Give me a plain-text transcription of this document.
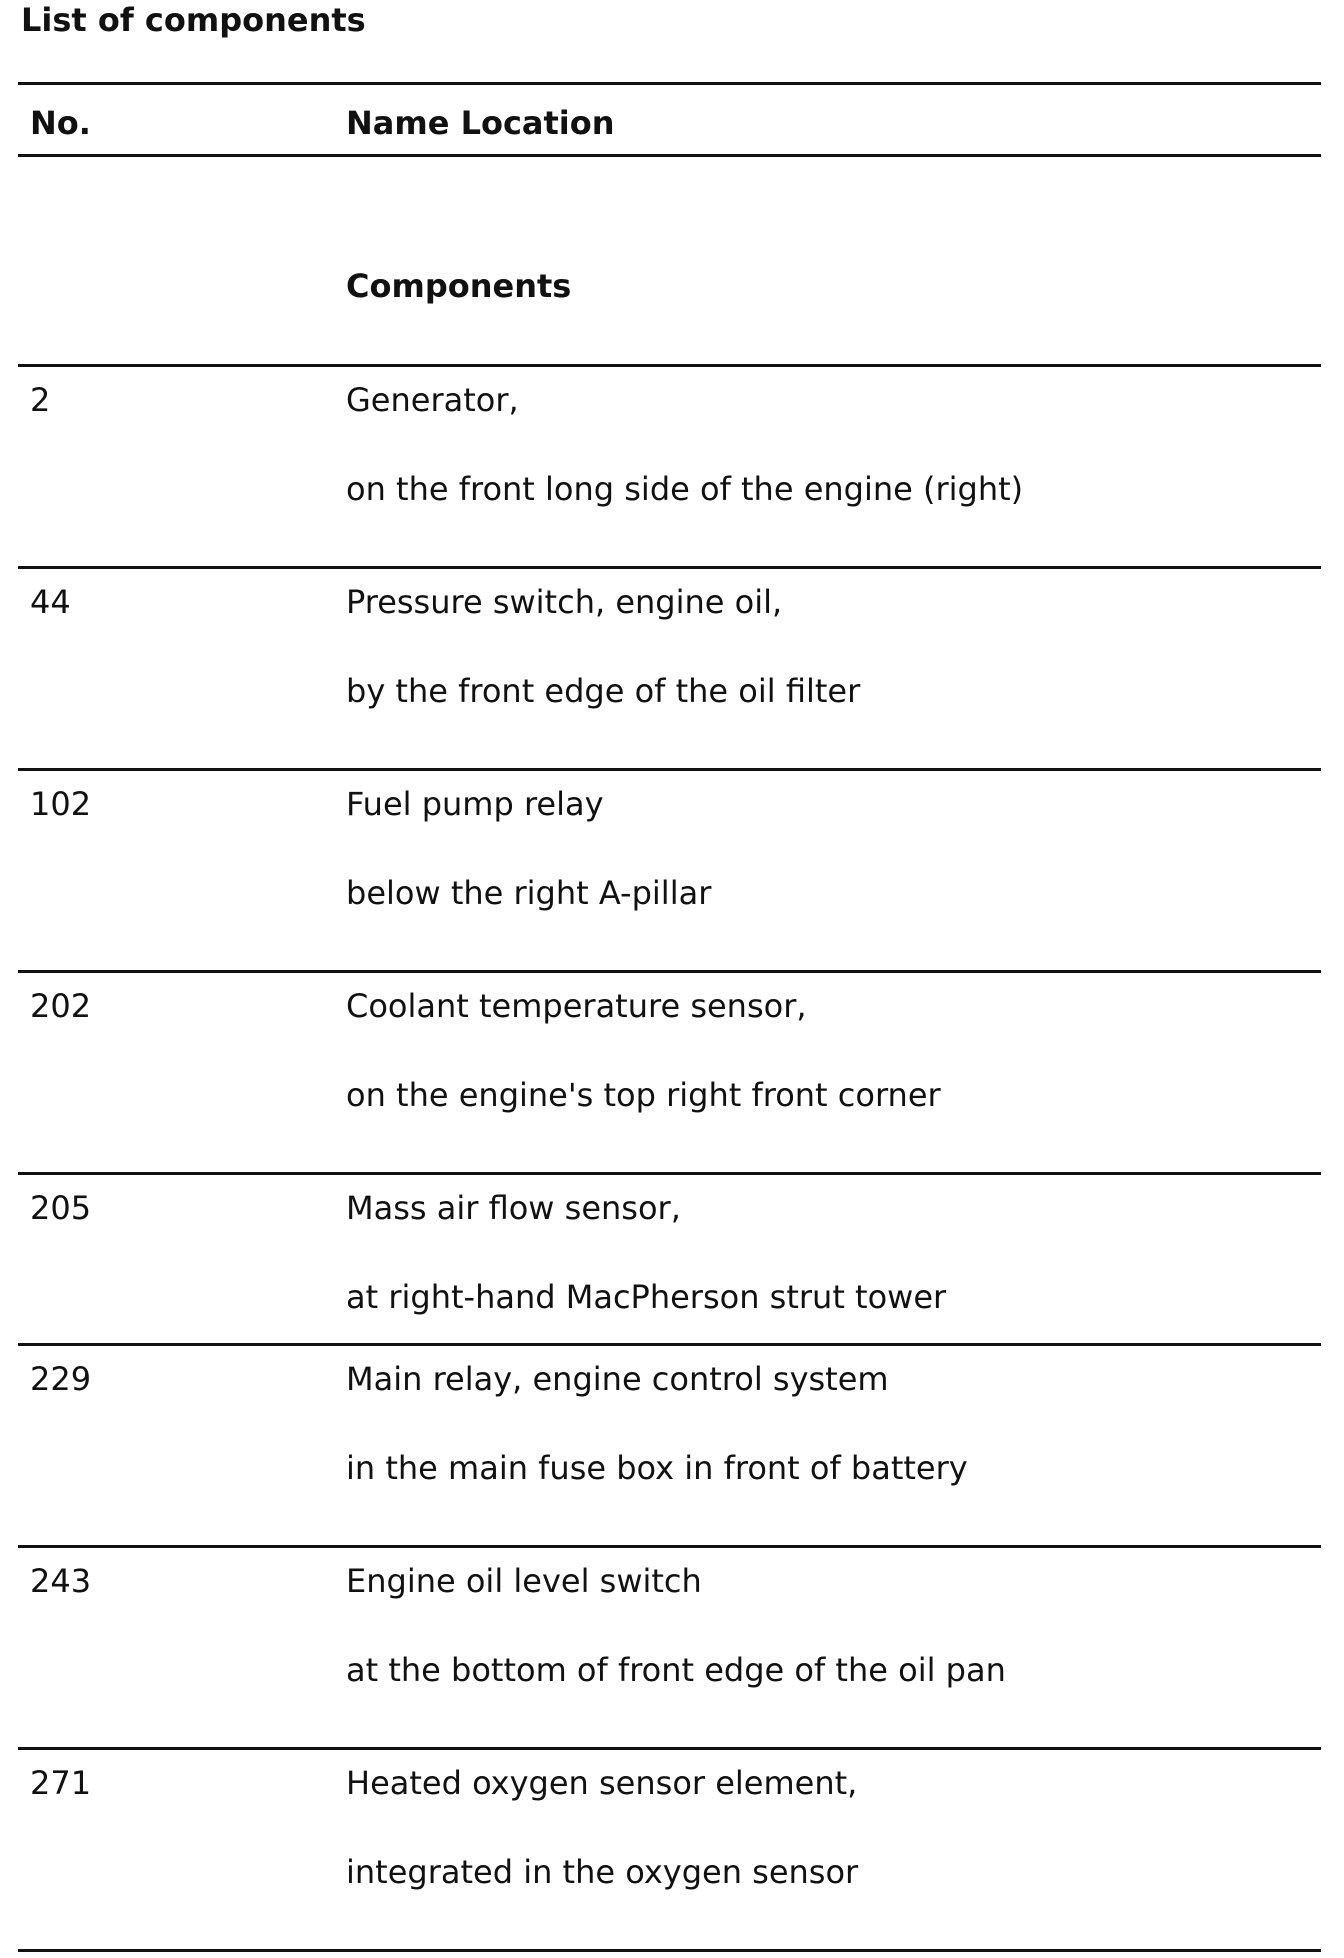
List of components
No.	Name Location
Components
2	Generator,
on the front long side of the engine (right)
44	Pressure switch, engine oil,
by the front edge of the oil filter
102	Fuel pump relay
below the right A-pillar
202	Coolant temperature sensor,
on the engine's top right front corner
205	Mass air flow sensor,
at right-hand MacPherson strut tower
229	Main relay, engine control system
in the main fuse box in front of battery
243	Engine oil level switch
at the bottom of front edge of the oil pan
271	Heated oxygen sensor element,
integrated in the oxygen sensor
